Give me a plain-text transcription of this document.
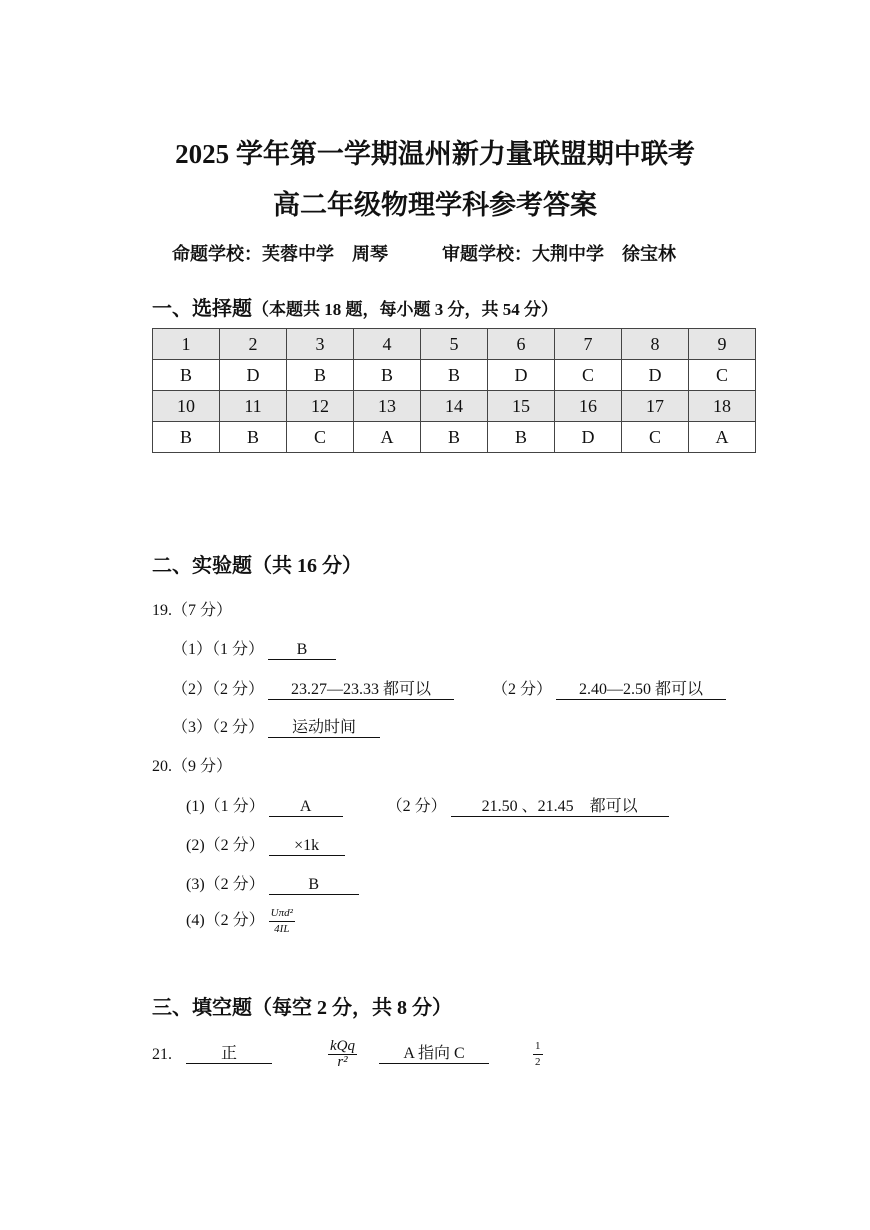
2025 学年第一学期温州新力量联盟期中联考
高二年级物理学科参考答案
命题学校：芙蓉中学　周琴　　　审题学校：大荆中学　徐宝林
一、选择题（本题共 18 题，每小题 3 分，共 54 分）
1	2	3	4	5	6	7	8	9
B	D	B	B	B	D	C	D	C
10	11	12	13	14	15	16	17	18
B	B	C	A	B	B	D	C	A
二、实验题（共 16 分）
19.（7 分）
（1）（1 分） B
（2）（2 分） 23.27—23.33 都可以	（2 分） 2.40—2.50 都可以
（3）（2 分） 运动时间
20.（9 分）
(1)（1 分） A	（2 分） 21.50 、21.45　都可以
(2)（2 分） ×1k
(3)（2 分）	B
(4)（2 分） $\frac{\text{Uπd²}}{4IL}$
三、填空题（每空 2 分，共 8 分）
21.	正	$\frac{\text{kQq}}{\text{r²}}$	A 指向 C	$\frac{1}{2}$
